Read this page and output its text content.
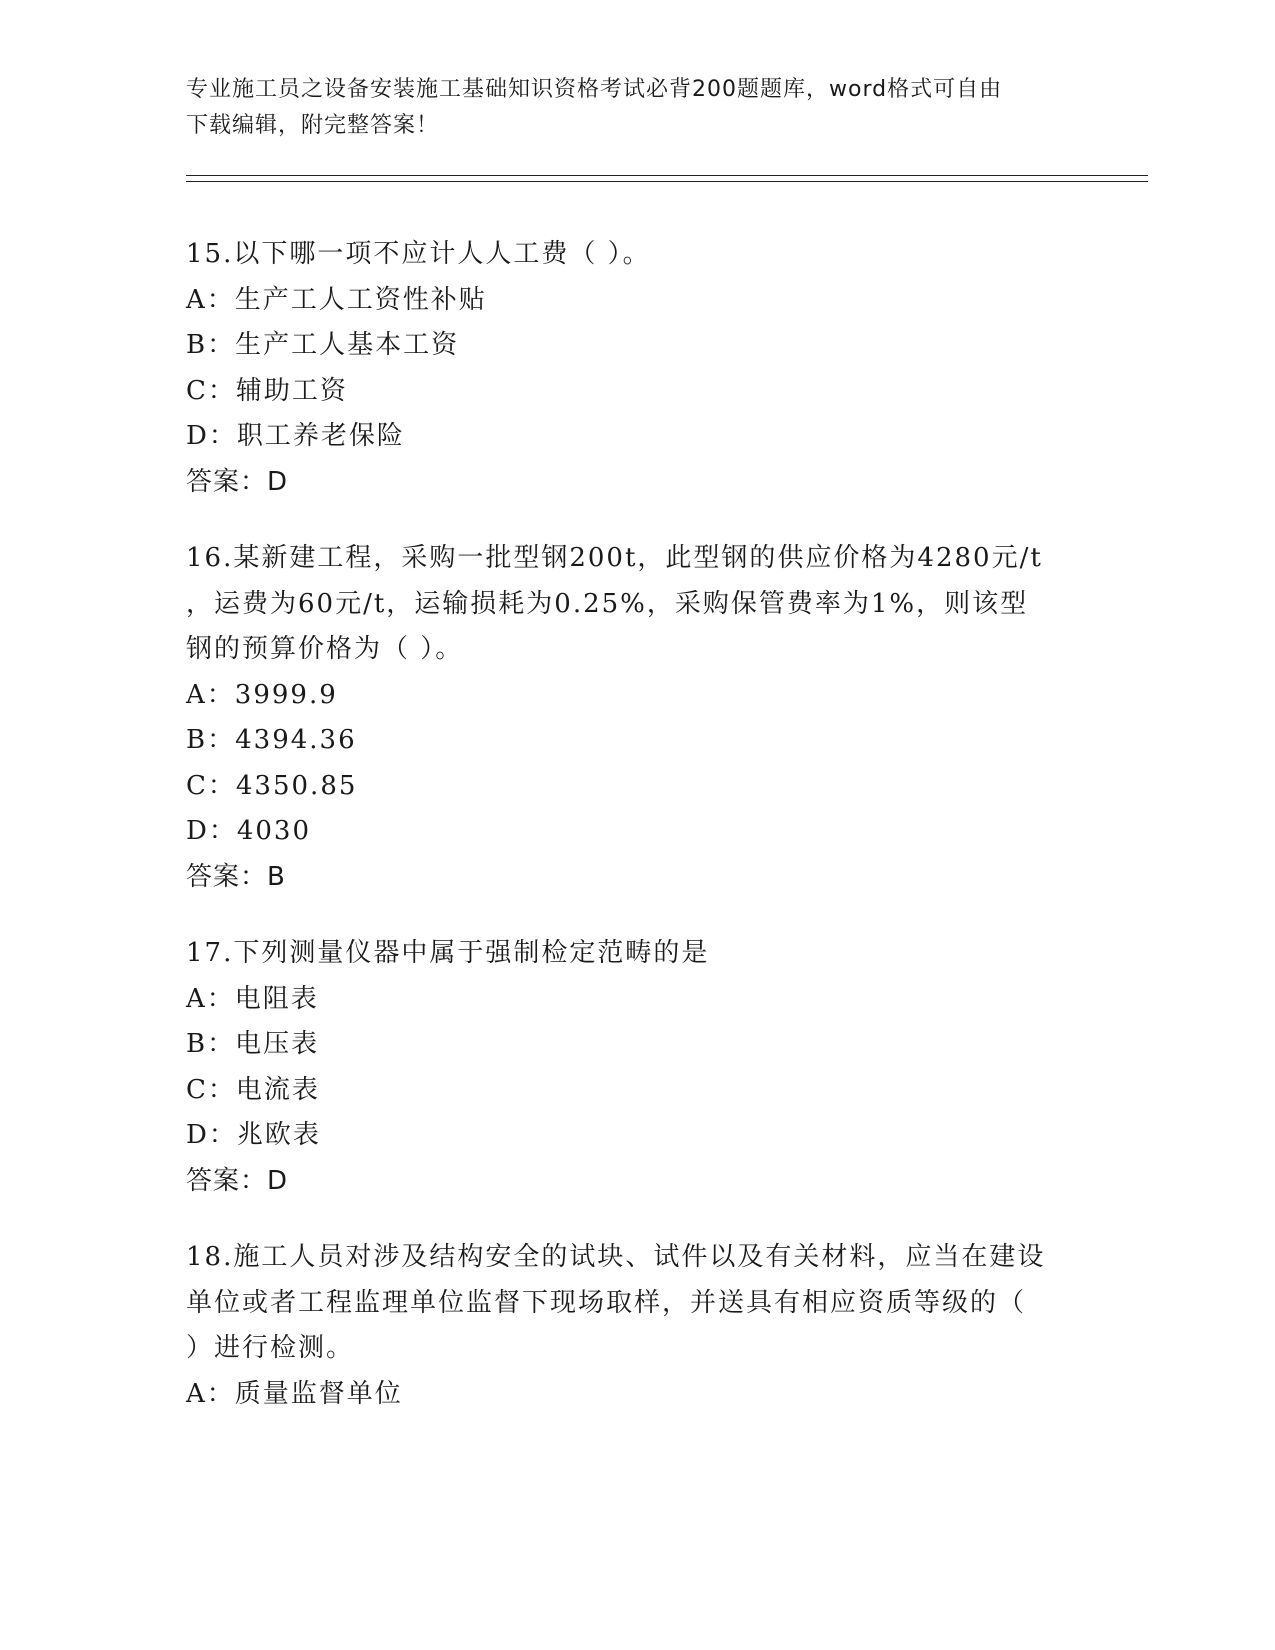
专业施工员之设备安装施工基础知识资格考试必背200题题库，word格式可自由
下载编辑，附完整答案！
15.以下哪一项不应计人人工费（ ）。
A：生产工人工资性补贴
B：生产工人基本工资
C：辅助工资
D：职工养老保险
答案：D
16.某新建工程，采购一批型钢200t，此型钢的供应价格为4280元/t
，运费为60元/t，运输损耗为0.25%，采购保管费率为1%，则该型
钢的预算价格为（ ）。
A：3999.9
B：4394.36
C：4350.85
D：4030
答案：B
17.下列测量仪器中属于强制检定范畴的是
A：电阻表
B：电压表
C：电流表
D：兆欧表
答案：D
18.施工人员对涉及结构安全的试块、试件以及有关材料，应当在建设
单位或者工程监理单位监督下现场取样，并送具有相应资质等级的（
）进行检测。
A：质量监督单位
